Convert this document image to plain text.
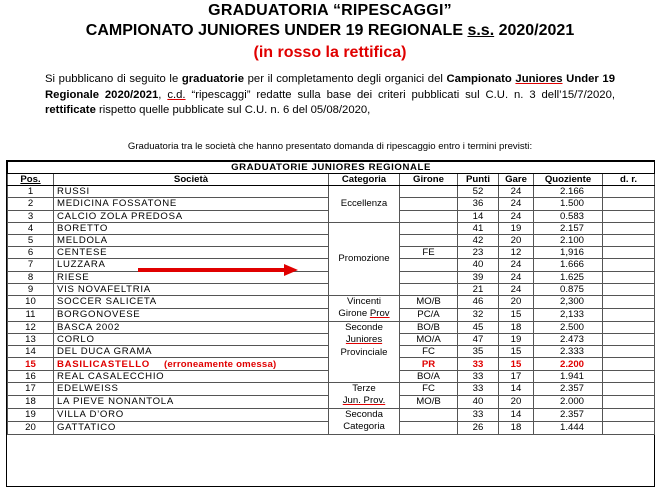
GRADUATORIA “RIPESCAGGI”
CAMPIONATO JUNIORES UNDER 19 REGIONALE s.s. 2020/2021
(in rosso la rettifica)
Si pubblicano di seguito le graduatorie per il completamento degli organici del Campionato Juniores Under 19 Regionale 2020/2021, c.d. “ripescaggi” redatte sulla base dei criteri pubblicati sul C.U. n. 3 dell’15/7/2020, rettificate rispetto quelle pubblicate sul C.U. n. 6 del 05/08/2020,
Graduatoria tra le società che hanno presentato domanda di ripescaggio entro i termini previsti:
GRADUATORIE JUNIORES REGIONALE							
Pos.	Società	Categoria	Girone	Punti	Gare	Quoziente	d. r.
1	RUSSI	Eccellenza		52	24	2.166	
2	MEDICINA FOSSATONE			36	24	1.500	
3	CALCIO ZOLA PREDOSA			14	24	0.583	
4	BORETTO	Promozione		41	19	2.157	
5	MELDOLA			42	20	2.100	
6	CENTESE		FE	23	12	1,916	
7	LUZZARA			40	24	1.666	
8	RIESE			39	24	1.625	
9	VIS NOVAFELTRIA			21	24	0.875	
10	SOCCER SALICETA	Vincenti
Girone Prov	MO/B	46	20	2,300	
11	BORGONOVESE		PC/A	32	15	2,133	
12	BASCA 2002	Seconde
Juniores
Provinciale	BO/B	45	18	2.500	
13	CORLO		MO/A	47	19	2.473	
14	DEL DUCA GRAMA		FC	35	15	2.333	
15	BASILICASTELLO (erroneamente omessa)		PR	33	15	2.200	
16	REAL CASALECCHIO		BO/A	33	17	1.941	
17	EDELWEISS	Terze
Jun. Prov.	FC	33	14	2.357	
18	LA PIEVE NONANTOLA		MO/B	40	20	2.000	
19	VILLA D’ORO	Seconda
Categoria		33	14	2.357	
20	GATTATICO			26	18	1.444	
